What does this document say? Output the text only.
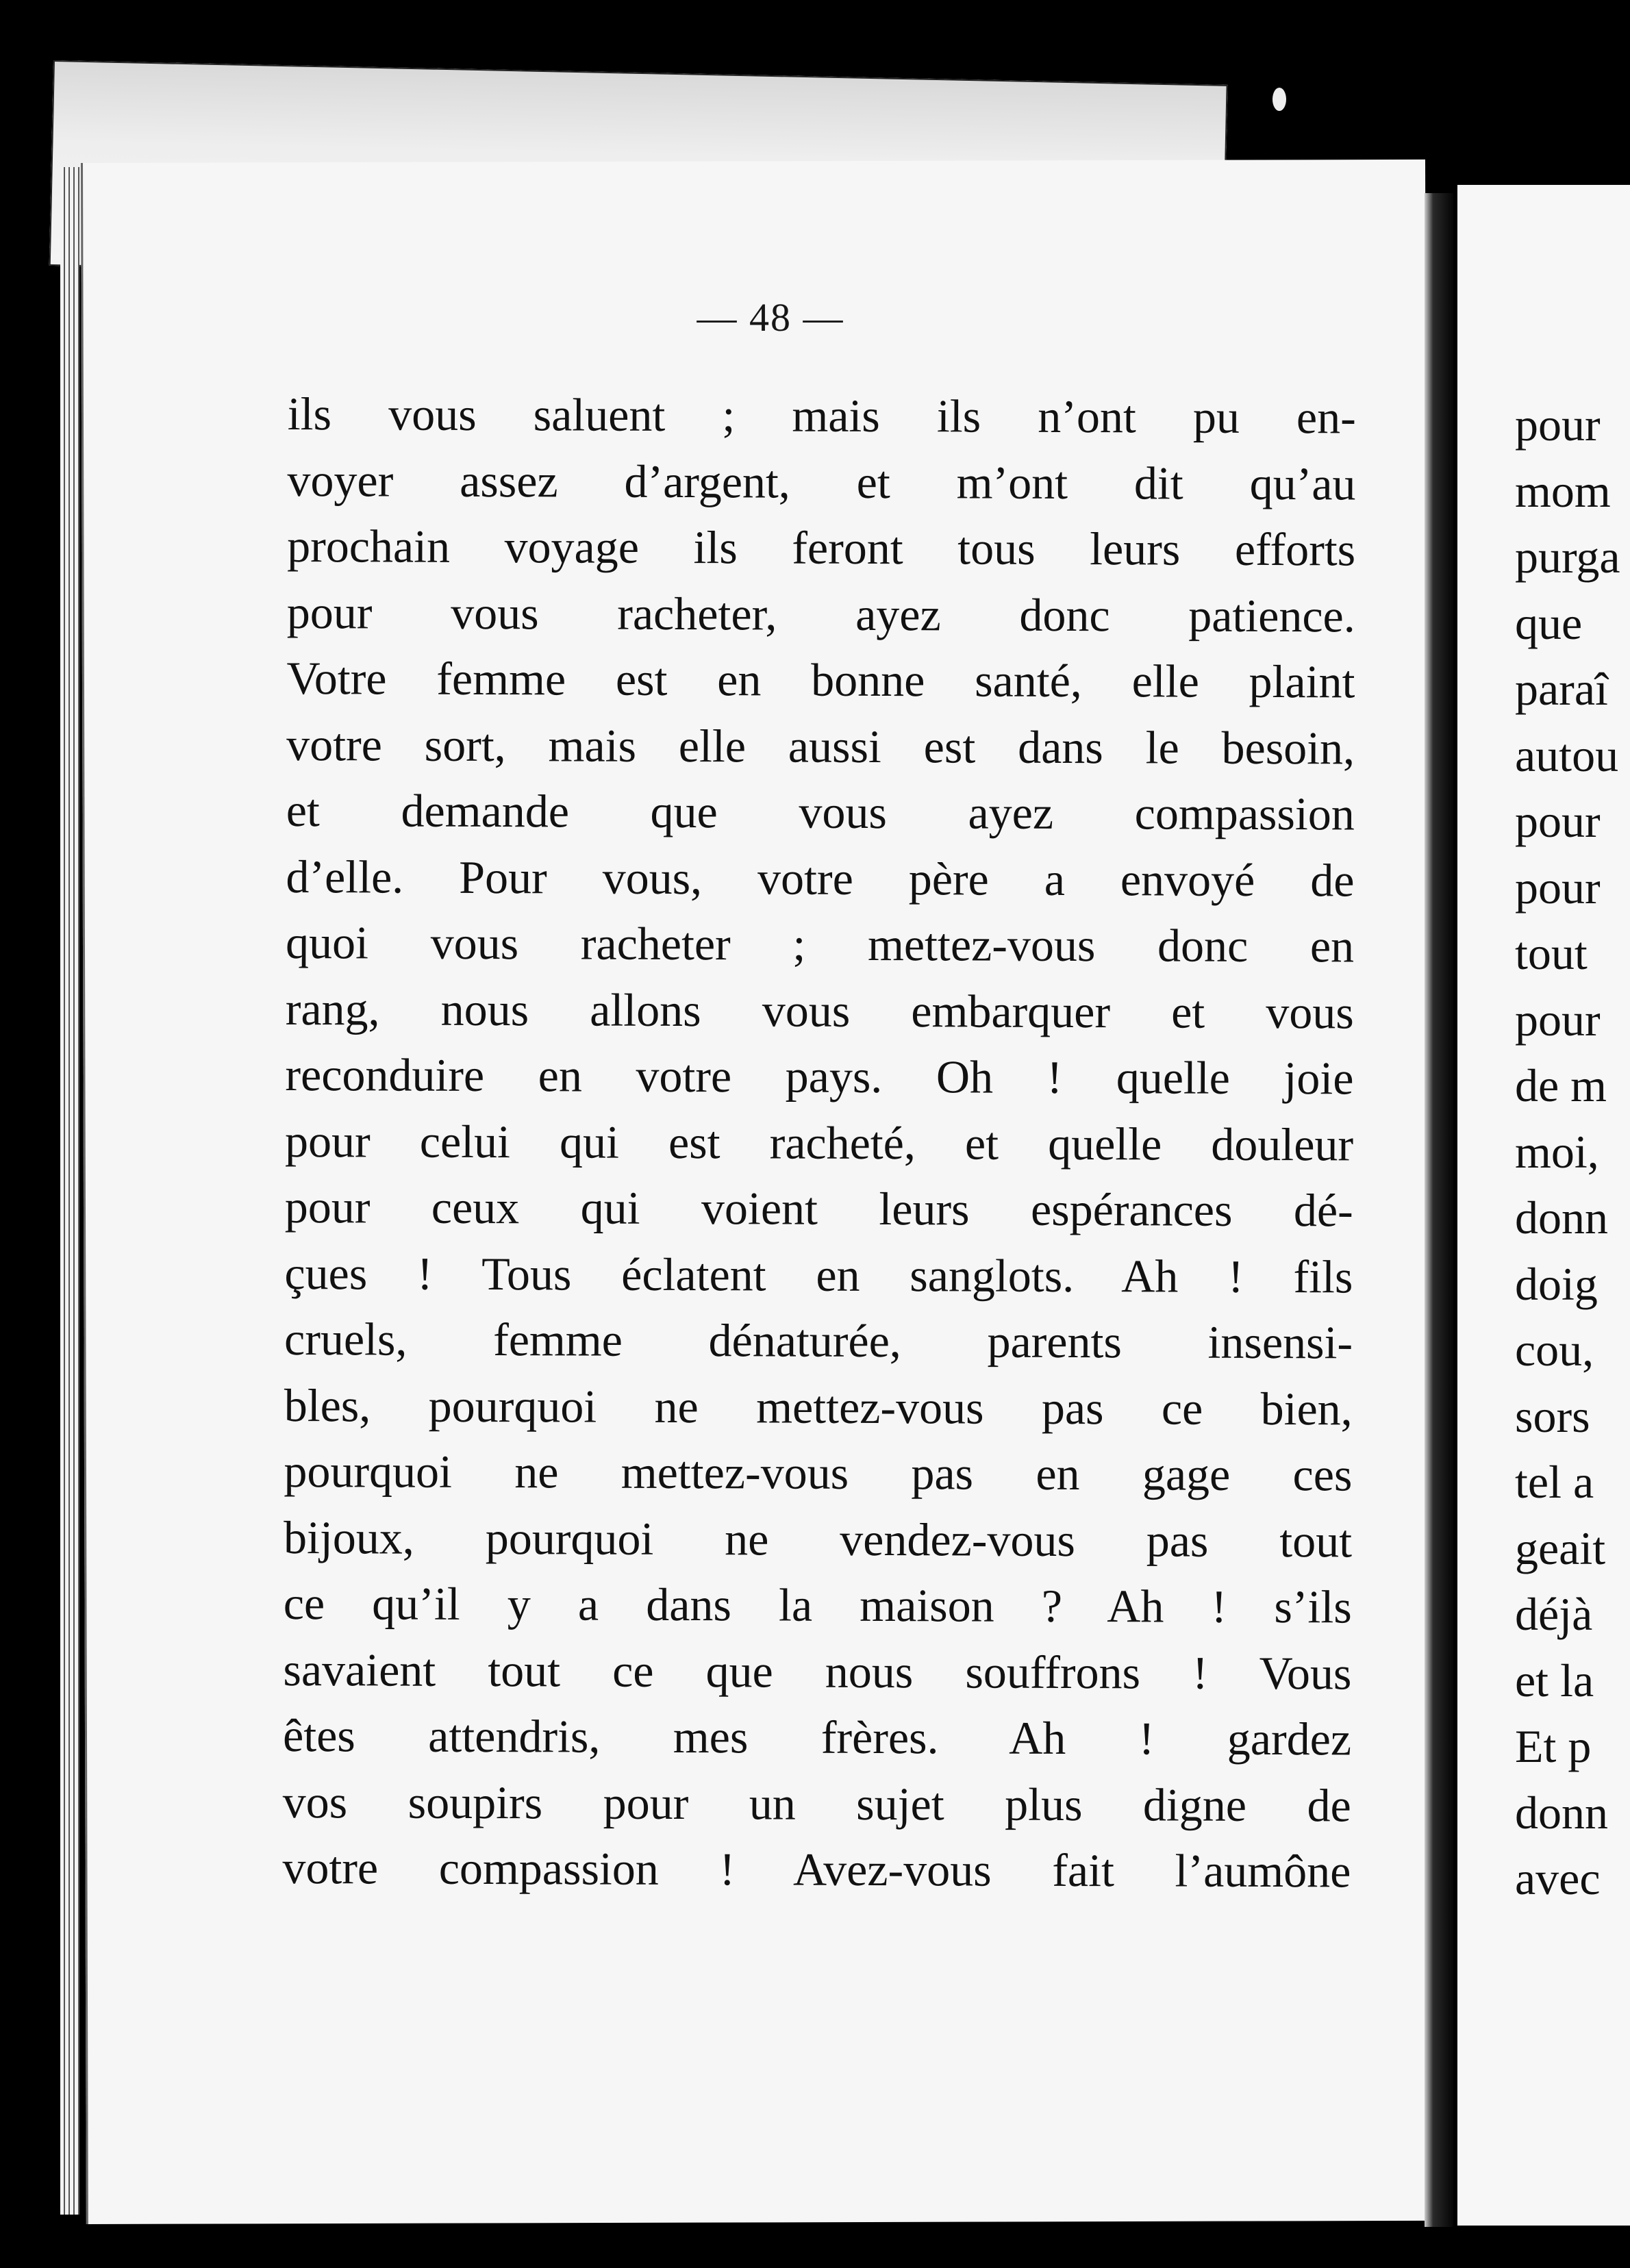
— 48 —
ils vous saluent ; mais ils n’ont pu en-
voyer assez d’argent, et m’ont dit qu’au
prochain voyage ils feront tous leurs efforts
pour vous racheter, ayez donc patience.
Votre femme est en bonne santé, elle plaint
votre sort, mais elle aussi est dans le besoin,
et demande que vous ayez compassion
d’elle. Pour vous, votre père a envoyé de
quoi vous racheter ; mettez-vous donc en
rang, nous allons vous embarquer et vous
reconduire en votre pays. Oh ! quelle joie
pour celui qui est racheté, et quelle douleur
pour ceux qui voient leurs espérances dé-
çues ! Tous éclatent en sanglots. Ah ! fils
cruels, femme dénaturée, parents insensi-
bles, pourquoi ne mettez-vous pas ce bien,
pourquoi ne mettez-vous pas en gage ces
bijoux, pourquoi ne vendez-vous pas tout
ce qu’il y a dans la maison ? Ah ! s’ils
savaient tout ce que nous souffrons ! Vous
êtes attendris, mes frères. Ah ! gardez
vos soupirs pour un sujet plus digne de
votre compassion ! Avez-vous fait l’aumône
pour
mom
purga
que
paraî
autou
pour
pour
tout
pour
de m
moi,
donn
doig
cou,
sors
tel a
geait
déjà
et la
Et p
donn
avec
